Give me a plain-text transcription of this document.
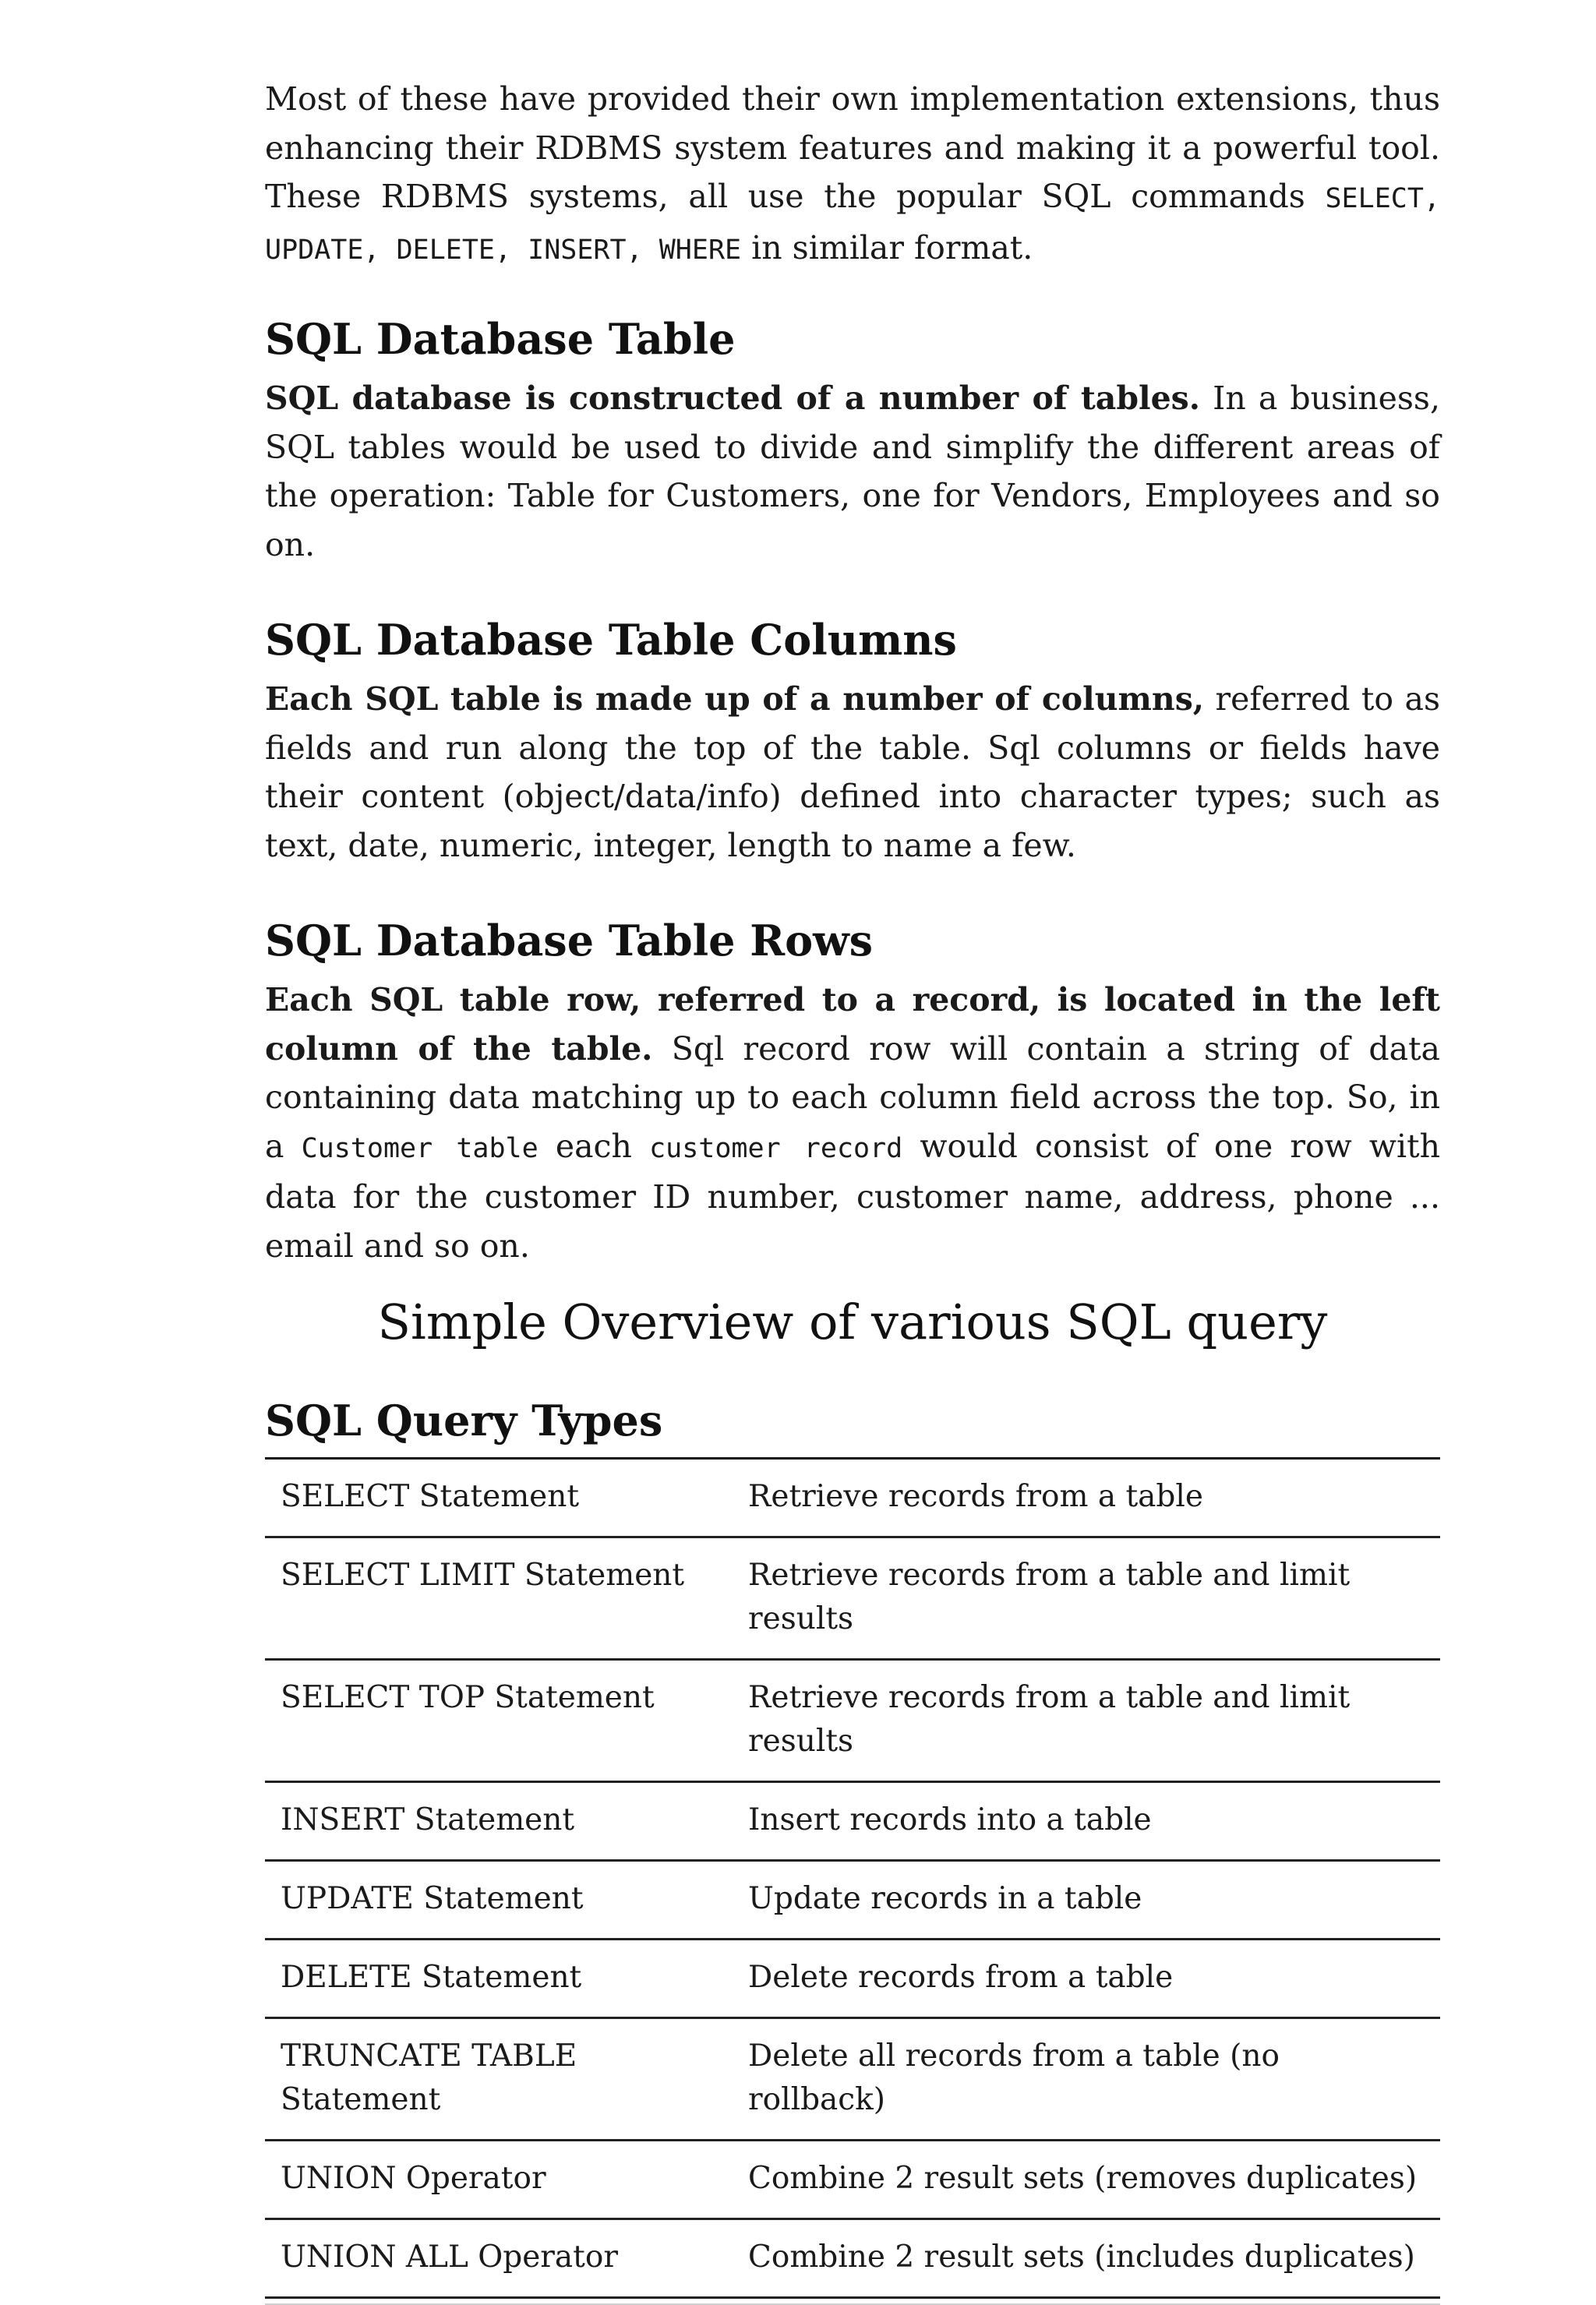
Most of these have provided their own implementation extensions, thus enhancing their RDBMS system features and making it a powerful tool. These RDBMS systems, all use the popular SQL commands SELECT, UPDATE, DELETE, INSERT, WHERE in similar format.

SQL Database Table

SQL database is constructed of a number of tables. In a business, SQL tables would be used to divide and simplify the different areas of the operation: Table for Customers, one for Vendors, Employees and so on.

SQL Database Table Columns

Each SQL table is made up of a number of columns, referred to as fields and run along the top of the table. Sql columns or fields have their content (object/data/info) defined into character types; such as text, date, numeric, integer, length to name a few.

SQL Database Table Rows

Each SQL table row, referred to a record, is located in the left column of the table. Sql record row will contain a string of data containing data matching up to each column field across the top. So, in a Customer table each customer record would consist of one row with data for the customer ID number, customer name, address, phone ... email and so on.

Simple Overview of various SQL query
SQL Query Types
SELECT Statement	Retrieve records from a table
SELECT LIMIT Statement	Retrieve records from a table and limit results
SELECT TOP Statement	Retrieve records from a table and limit results
INSERT Statement	Insert records into a table
UPDATE Statement	Update records in a table
DELETE Statement	Delete records from a table
TRUNCATE TABLE Statement	Delete all records from a table (no rollback)
UNION Operator	Combine 2 result sets (removes duplicates)
UNION ALL Operator	Combine 2 result sets (includes duplicates)
